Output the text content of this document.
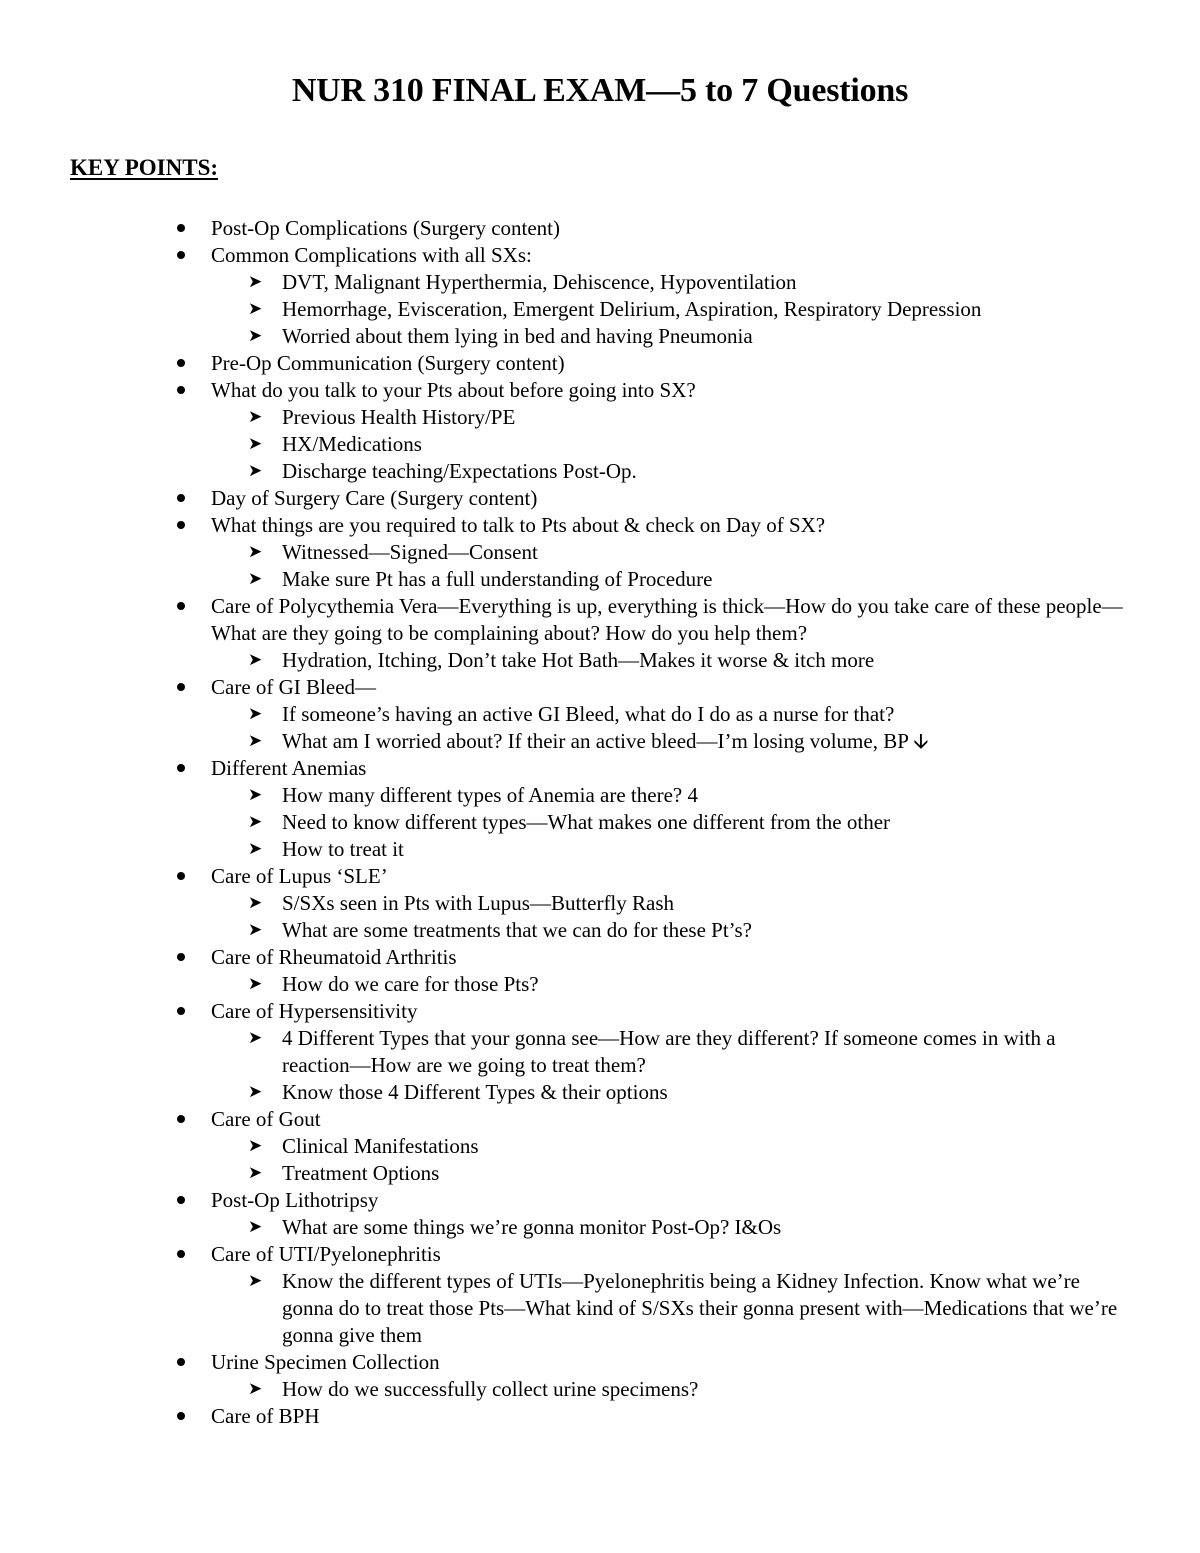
NUR 310 FINAL EXAM—5 to 7 Questions
KEY POINTS:
Post-Op Complications (Surgery content)
Common Complications with all SXs:
➤ DVT, Malignant Hyperthermia, Dehiscence, Hypoventilation
➤ Hemorrhage, Evisceration, Emergent Delirium, Aspiration, Respiratory Depression
➤ Worried about them lying in bed and having Pneumonia
Pre-Op Communication (Surgery content)
What do you talk to your Pts about before going into SX?
➤ Previous Health History/PE
➤ HX/Medications
➤ Discharge teaching/Expectations Post-Op.
Day of Surgery Care (Surgery content)
What things are you required to talk to Pts about & check on Day of SX?
➤ Witnessed—Signed—Consent
➤ Make sure Pt has a full understanding of Procedure
Care of Polycythemia Vera—Everything is up, everything is thick—How do you take care of these people—What are they going to be complaining about? How do you help them?
➤ Hydration, Itching, Don’t take Hot Bath—Makes it worse & itch more
Care of GI Bleed—
➤ If someone’s having an active GI Bleed, what do I do as a nurse for that?
➤ What am I worried about? If their an active bleed—I’m losing volume, BP 🡫
Different Anemias
➤ How many different types of Anemia are there? 4
➤ Need to know different types—What makes one different from the other
➤ How to treat it
Care of Lupus ‘SLE’
➤ S/SXs seen in Pts with Lupus—Butterfly Rash
➤ What are some treatments that we can do for these Pt’s?
Care of Rheumatoid Arthritis
➤ How do we care for those Pts?
Care of Hypersensitivity
➤ 4 Different Types that your gonna see—How are they different? If someone comes in with a reaction—How are we going to treat them?
➤ Know those 4 Different Types & their options
Care of Gout
➤ Clinical Manifestations
➤ Treatment Options
Post-Op Lithotripsy
➤ What are some things we’re gonna monitor Post-Op? I&Os
Care of UTI/Pyelonephritis
➤ Know the different types of UTIs—Pyelonephritis being a Kidney Infection. Know what we’re gonna do to treat those Pts—What kind of S/SXs their gonna present with—Medications that we’re gonna give them
Urine Specimen Collection
➤ How do we successfully collect urine specimens?
Care of BPH
